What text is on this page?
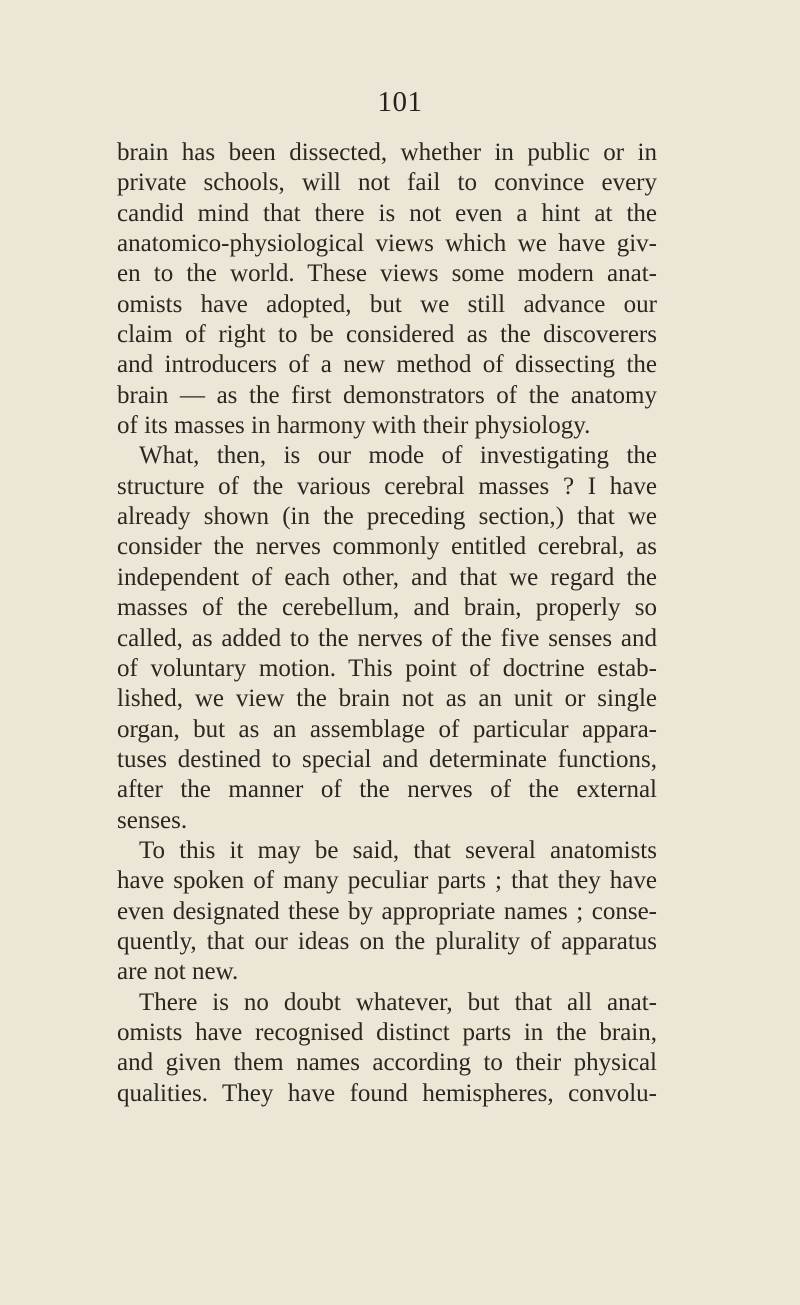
101
brain has been dissected, whether in public or in
private schools, will not fail to convince every
candid mind that there is not even a hint at the
anatomico-physiological views which we have giv-
en to the world. These views some modern anat-
omists have adopted, but we still advance our
claim of right to be considered as the discoverers
and introducers of a new method of dissecting the
brain — as the first demonstrators of the anatomy
of its masses in harmony with their physiology.
What, then, is our mode of investigating the
structure of the various cerebral masses ? I have
already shown (in the preceding section,) that we
consider the nerves commonly entitled cerebral, as
independent of each other, and that we regard the
masses of the cerebellum, and brain, properly so
called, as added to the nerves of the five senses and
of voluntary motion. This point of doctrine estab-
lished, we view the brain not as an unit or single
organ, but as an assemblage of particular appara-
tuses destined to special and determinate functions,
after the manner of the nerves of the external
senses.
To this it may be said, that several anatomists
have spoken of many peculiar parts ; that they have
even designated these by appropriate names ; conse-
quently, that our ideas on the plurality of apparatus
are not new.
There is no doubt whatever, but that all anat-
omists have recognised distinct parts in the brain,
and given them names according to their physical
qualities. They have found hemispheres, convolu-
